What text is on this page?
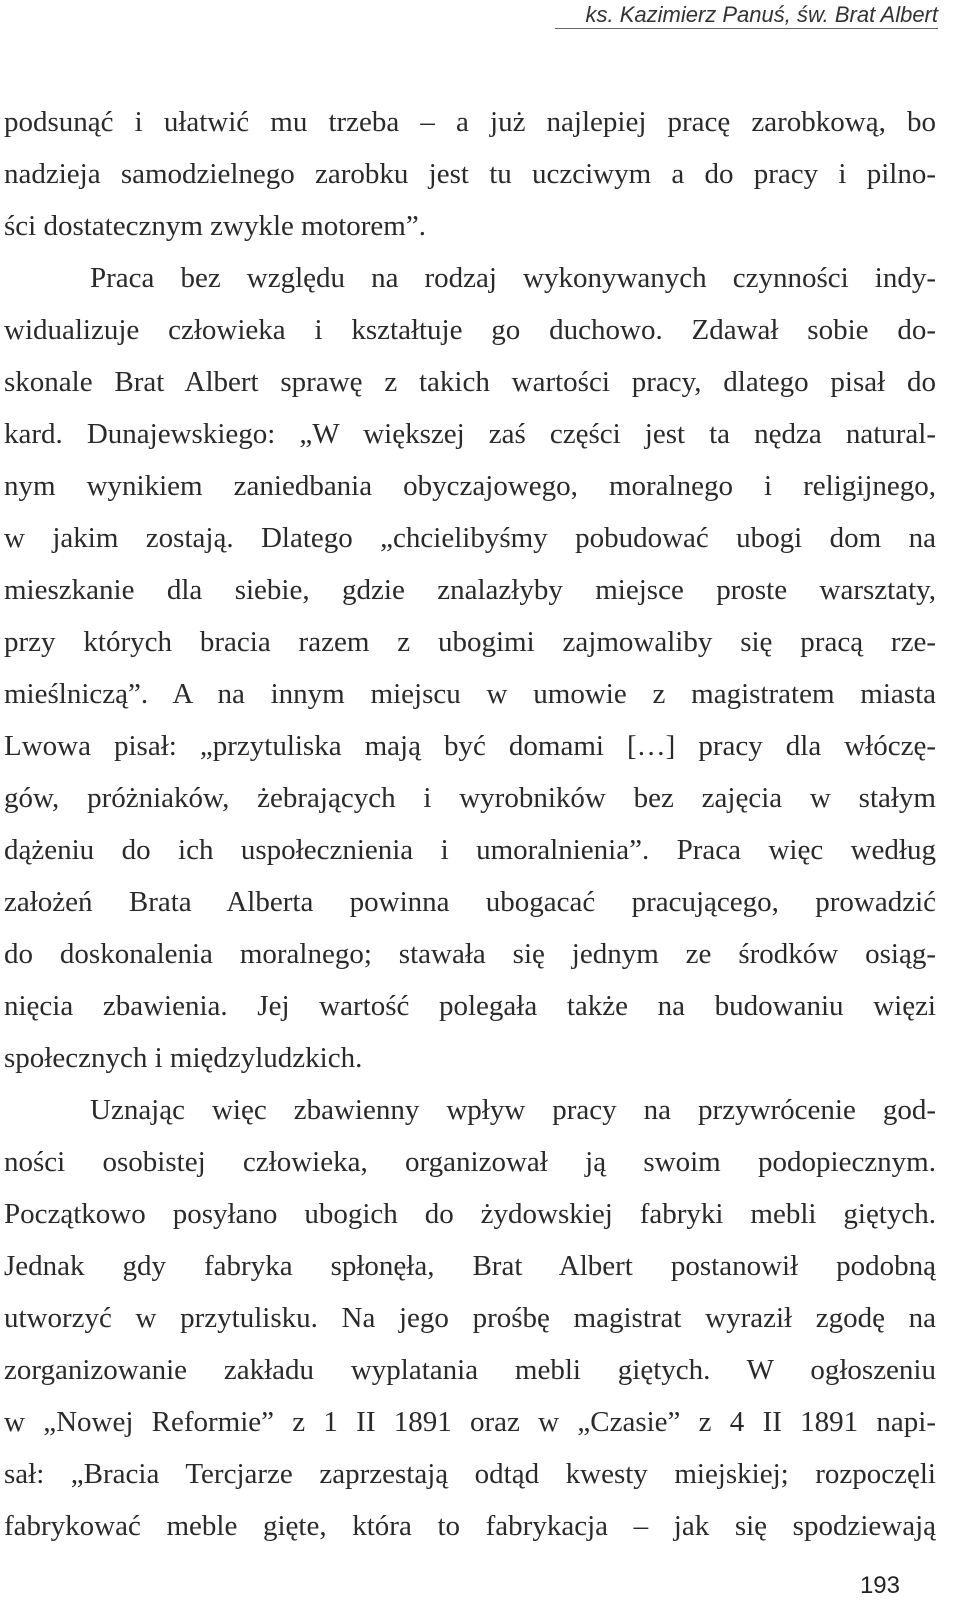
ks. Kazimierz Panuś, św. Brat Albert
podsunąć i ułatwić mu trzeba – a już najlepiej pracę zarobkową, bo
nadzieja samodzielnego zarobku jest tu uczciwym a do pracy i pilno-
ści dostatecznym zwykle motorem”.
Praca bez względu na rodzaj wykonywanych czynności indy-
widualizuje człowieka i kształtuje go duchowo. Zdawał sobie do-
skonale Brat Albert sprawę z takich wartości pracy, dlatego pisał do
kard. Dunajewskiego: „W większej zaś części jest ta nędza natural-
nym wynikiem zaniedbania obyczajowego, moralnego i religijnego,
w jakim zostają. Dlatego „chcielibyśmy pobudować ubogi dom na
mieszkanie dla siebie, gdzie znalazłyby miejsce proste warsztaty,
przy których bracia razem z ubogimi zajmowaliby się pracą rze-
mieślniczą”. A na innym miejscu w umowie z magistratem miasta
Lwowa pisał: „przytuliska mają być domami […] pracy dla włóczę-
gów, próżniaków, żebrających i wyrobników bez zajęcia w stałym
dążeniu do ich uspołecznienia i umoralnienia”. Praca więc według
założeń Brata Alberta powinna ubogacać pracującego, prowadzić
do doskonalenia moralnego; stawała się jednym ze środków osiąg-
nięcia zbawienia. Jej wartość polegała także na budowaniu więzi
społecznych i międzyludzkich.
Uznając więc zbawienny wpływ pracy na przywrócenie god-
ności osobistej człowieka, organizował ją swoim podopiecznym.
Początkowo posyłano ubogich do żydowskiej fabryki mebli giętych.
Jednak gdy fabryka spłonęła, Brat Albert postanowił podobną
utworzyć w przytulisku. Na jego prośbę magistrat wyraził zgodę na
zorganizowanie zakładu wyplatania mebli giętych. W ogłoszeniu
w „Nowej Reformie” z 1 II 1891 oraz w „Czasie” z 4 II 1891 napi-
sał: „Bracia Tercjarze zaprzestają odtąd kwesty miejskiej; rozpoczęli
fabrykować meble gięte, która to fabrykacja – jak się spodziewają
193
